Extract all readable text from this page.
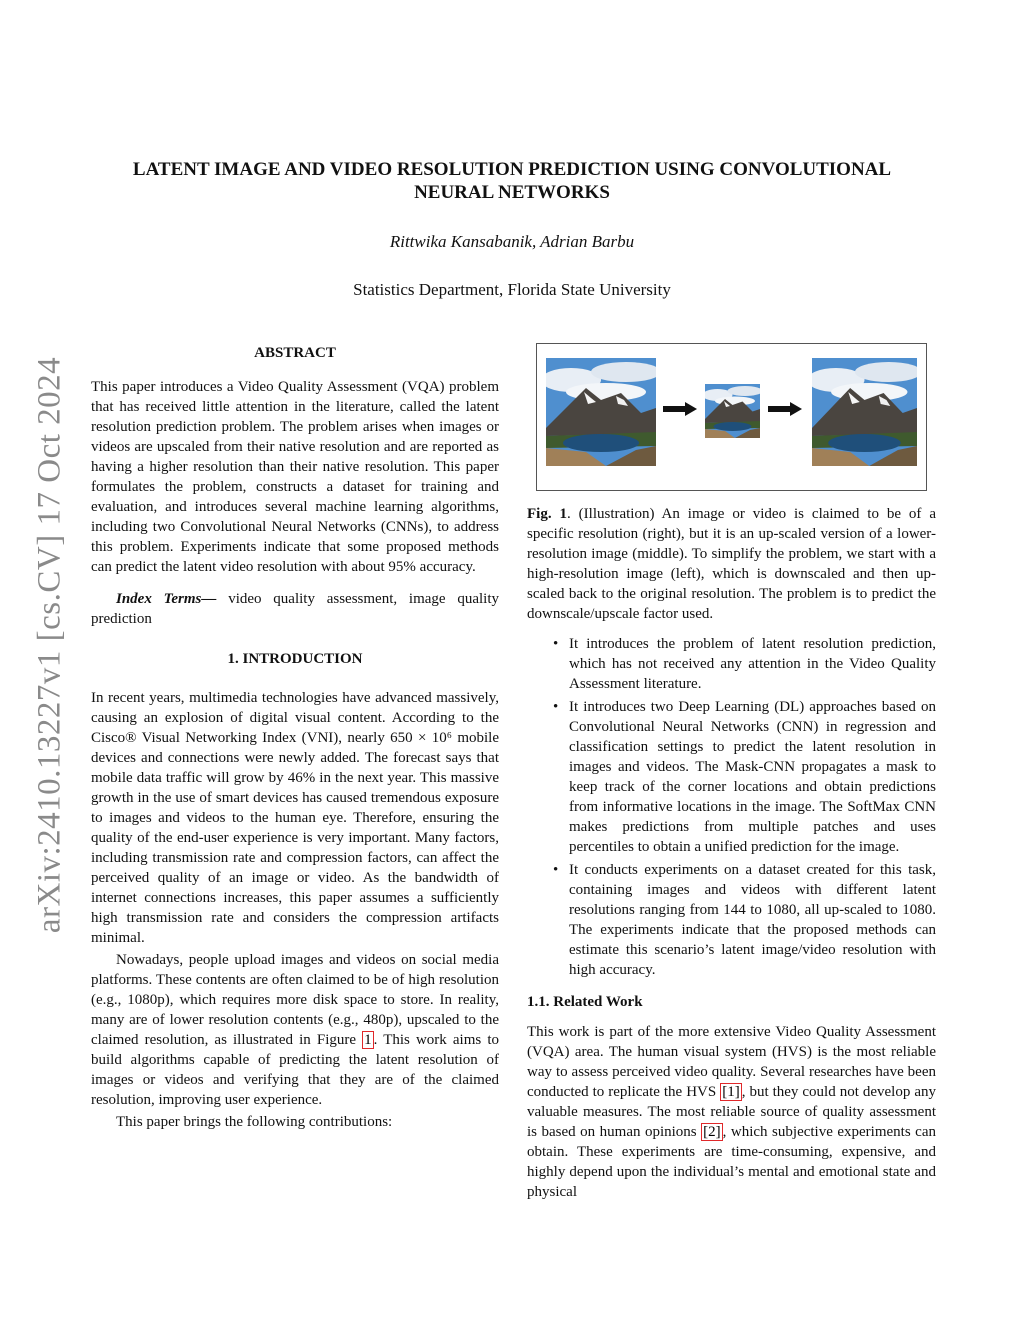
arXiv:2410.13227v1 [cs.CV] 17 Oct 2024
LATENT IMAGE AND VIDEO RESOLUTION PREDICTION USING CONVOLUTIONAL
NEURAL NETWORKS
Rittwika Kansabanik, Adrian Barbu
Statistics Department, Florida State University
ABSTRACT

This paper introduces a Video Quality Assessment (VQA) problem that has received little attention in the literature, called the latent resolution prediction problem. The problem arises when images or videos are upscaled from their native resolution and are reported as having a higher resolution than their native resolution. This paper formulates the problem, constructs a dataset for training and evaluation, and introduces several machine learning algorithms, including two Convolutional Neural Networks (CNNs), to address this problem. Experiments indicate that some proposed methods can predict the latent video resolution with about 95% accuracy.

Index Terms— video quality assessment, image quality prediction

1. INTRODUCTION

In recent years, multimedia technologies have advanced massively, causing an explosion of digital visual content. According to the Cisco® Visual Networking Index (VNI), nearly 650 × 10⁶ mobile devices and connections were newly added. The forecast says that mobile data traffic will grow by 46% in the next year. This massive growth in the use of smart devices has caused tremendous exposure to images and videos to the human eye. Therefore, ensuring the quality of the end-user experience is very important. Many factors, including transmission rate and compression factors, can affect the perceived quality of an image or video. As the bandwidth of internet connections increases, this paper assumes a sufficiently high transmission rate and considers the compression artifacts minimal.

Nowadays, people upload images and videos on social media platforms. These contents are often claimed to be of high resolution (e.g., 1080p), which requires more disk space to store. In reality, many are of lower resolution contents (e.g., 480p), upscaled to the claimed resolution, as illustrated in Figure 1 . This work aims to build algorithms capable of predicting the latent resolution of images or videos and verifying that they are of the claimed resolution, improving user experience.

This paper brings the following contributions:

Fig. 1. (Illustration) An image or video is claimed to be of a specific resolution (right), but it is an up-scaled version of a lower-resolution image (middle). To simplify the problem, we start with a high-resolution image (left), which is downscaled and then up-scaled back to the original resolution. The problem is to predict the downscale/upscale factor used.

• It introduces the problem of latent resolution prediction, which has not received any attention in the Video Quality Assessment literature.
• It introduces two Deep Learning (DL) approaches based on Convolutional Neural Networks (CNN) in regression and classification settings to predict the latent resolution in images and videos. The Mask-CNN propagates a mask to keep track of the corner locations and obtain predictions from informative locations in the image. The SoftMax CNN makes predictions from multiple patches and uses percentiles to obtain a unified prediction for the image.
• It conducts experiments on a dataset created for this task, containing images and videos with different latent resolutions ranging from 144 to 1080, all up-scaled to 1080. The experiments indicate that the proposed methods can estimate this scenario’s latent image/video resolution with high accuracy.
1.1. Related Work

This work is part of the more extensive Video Quality Assessment (VQA) area. The human visual system (HVS) is the most reliable way to assess perceived video quality. Several researches have been conducted to replicate the HVS [1] , but they could not develop any valuable measures. The most reliable source of quality assessment is based on human opinions [2] , which subjective experiments can obtain. These experiments are time-consuming, expensive, and highly depend upon the individual’s mental and emotional state and physical
